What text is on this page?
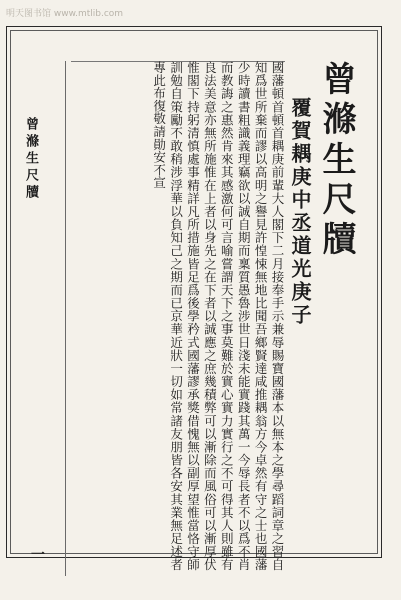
明天图书馆 www.mtlib.com
曾滌生尺牘
覆賀耦庚中丞道光庚子
國藩頓首頓首耦庚前輩大人閣下二月接奉手示兼辱賜寶國藩本以無本之學尋蹈詞章之習自知爲世所棄而謬以高明之譽見許惶悚無地比聞吾鄉賢達咸推耦翁方今卓然有守之士也國藩少時讀書粗識義理竊欲以誠自期而稟質愚魯涉世日淺未能實踐其萬一今辱長者不以爲不肖而教誨之惠然肯來其感激何可言喻嘗謂天下之事莫難於實心實力實行之不可得其人則雖有良法美意亦無所施惟在上者以身先之在下者以誠應之庶幾積弊可以漸除而風俗可以漸厚伏惟閣下持躬清慎處事精詳凡所措施皆足爲後學矜式國藩謬承獎借愧無以副厚望惟當恪守師訓勉自策勵不敢稍涉浮華以負知己之期而已京華近狀一切如常諸友朋皆各安其業無足述者專此布復敬請勛安不宣
曾滌生尺牘
一
